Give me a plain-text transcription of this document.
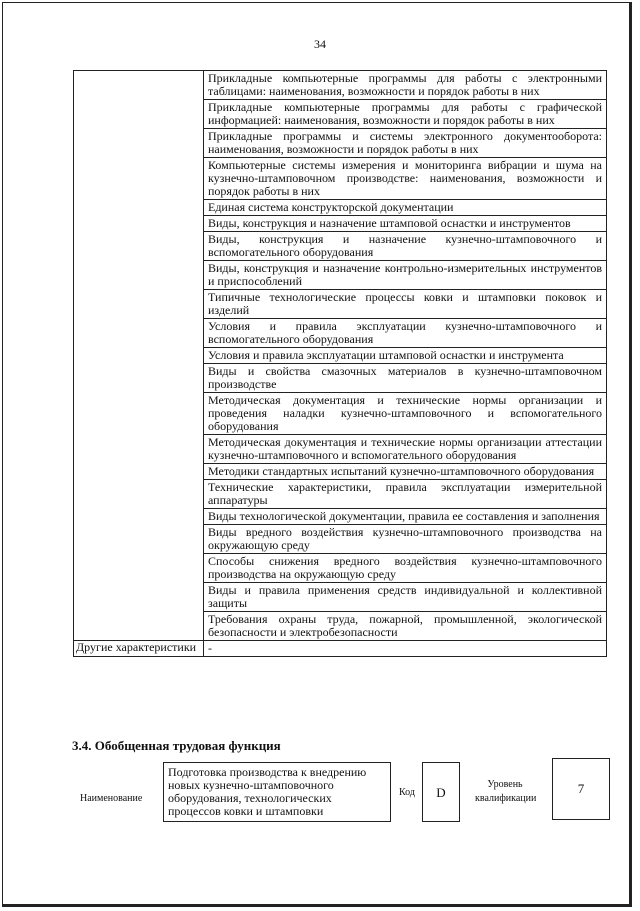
34
	Прикладные компьютерные программы для работы с электронными таблицами: наименования, возможности и порядок работы в них
	Прикладные компьютерные программы для работы с графической информацией: наименования, возможности и порядок работы в них
	Прикладные программы и системы электронного документооборота: наименования, возможности и порядок работы в них
	Компьютерные системы измерения и мониторинга вибрации и шума на кузнечно-штамповочном производстве: наименования, возможности и порядок работы в них
	Единая система конструкторской документации
	Виды, конструкция и назначение штамповой оснастки и инструментов
	Виды, конструкция и назначение кузнечно-штамповочного и вспомогательного оборудования
	Виды, конструкция и назначение контрольно-измерительных инструментов и приспособлений
	Типичные технологические процессы ковки и штамповки поковок и изделий
	Условия и правила эксплуатации кузнечно-штамповочного и вспомогательного оборудования
	Условия и правила эксплуатации штамповой оснастки и инструмента
	Виды и свойства смазочных материалов в кузнечно-штамповочном производстве
	Методическая документация и технические нормы организации и проведения наладки кузнечно-штамповочного и вспомогательного оборудования
	Методическая документация и технические нормы организации аттестации кузнечно-штамповочного и вспомогательного оборудования
	Методики стандартных испытаний кузнечно-штамповочного оборудования
	Технические характеристики, правила эксплуатации измерительной аппаратуры
	Виды технологической документации, правила ее составления и заполнения
	Виды вредного воздействия кузнечно-штамповочного производства на окружающую среду
	Способы снижения вредного воздействия кузнечно-штамповочного производства на окружающую среду
	Виды и правила применения средств индивидуальной и коллективной защиты
	Требования охраны труда, пожарной, промышленной, экологической безопасности и электробезопасности
Другие характеристики	-
3.4. Обобщенная трудовая функция
Наименование
Подготовка производства к внедрению новых кузнечно-штамповочного оборудования, технологических процессов ковки и штамповки
Код	D
Уровень квалификации
7
